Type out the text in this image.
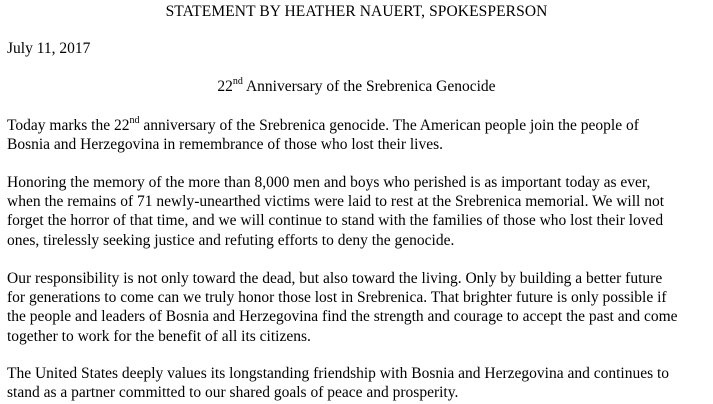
STATEMENT BY HEATHER NAUERT, SPOKESPERSON
July 11, 2017
22nd Anniversary of the Srebrenica Genocide

Today marks the 22nd anniversary of the Srebrenica genocide. The American people join the people of
Bosnia and Herzegovina in remembrance of those who lost their lives.

Honoring the memory of the more than 8,000 men and boys who perished is as important today as ever,
when the remains of 71 newly-unearthed victims were laid to rest at the Srebrenica memorial. We will not
forget the horror of that time, and we will continue to stand with the families of those who lost their loved
ones, tirelessly seeking justice and refuting efforts to deny the genocide.

Our responsibility is not only toward the dead, but also toward the living. Only by building a better future
for generations to come can we truly honor those lost in Srebrenica. That brighter future is only possible if
the people and leaders of Bosnia and Herzegovina find the strength and courage to accept the past and come
together to work for the benefit of all its citizens.

The United States deeply values its longstanding friendship with Bosnia and Herzegovina and continues to
stand as a partner committed to our shared goals of peace and prosperity.
